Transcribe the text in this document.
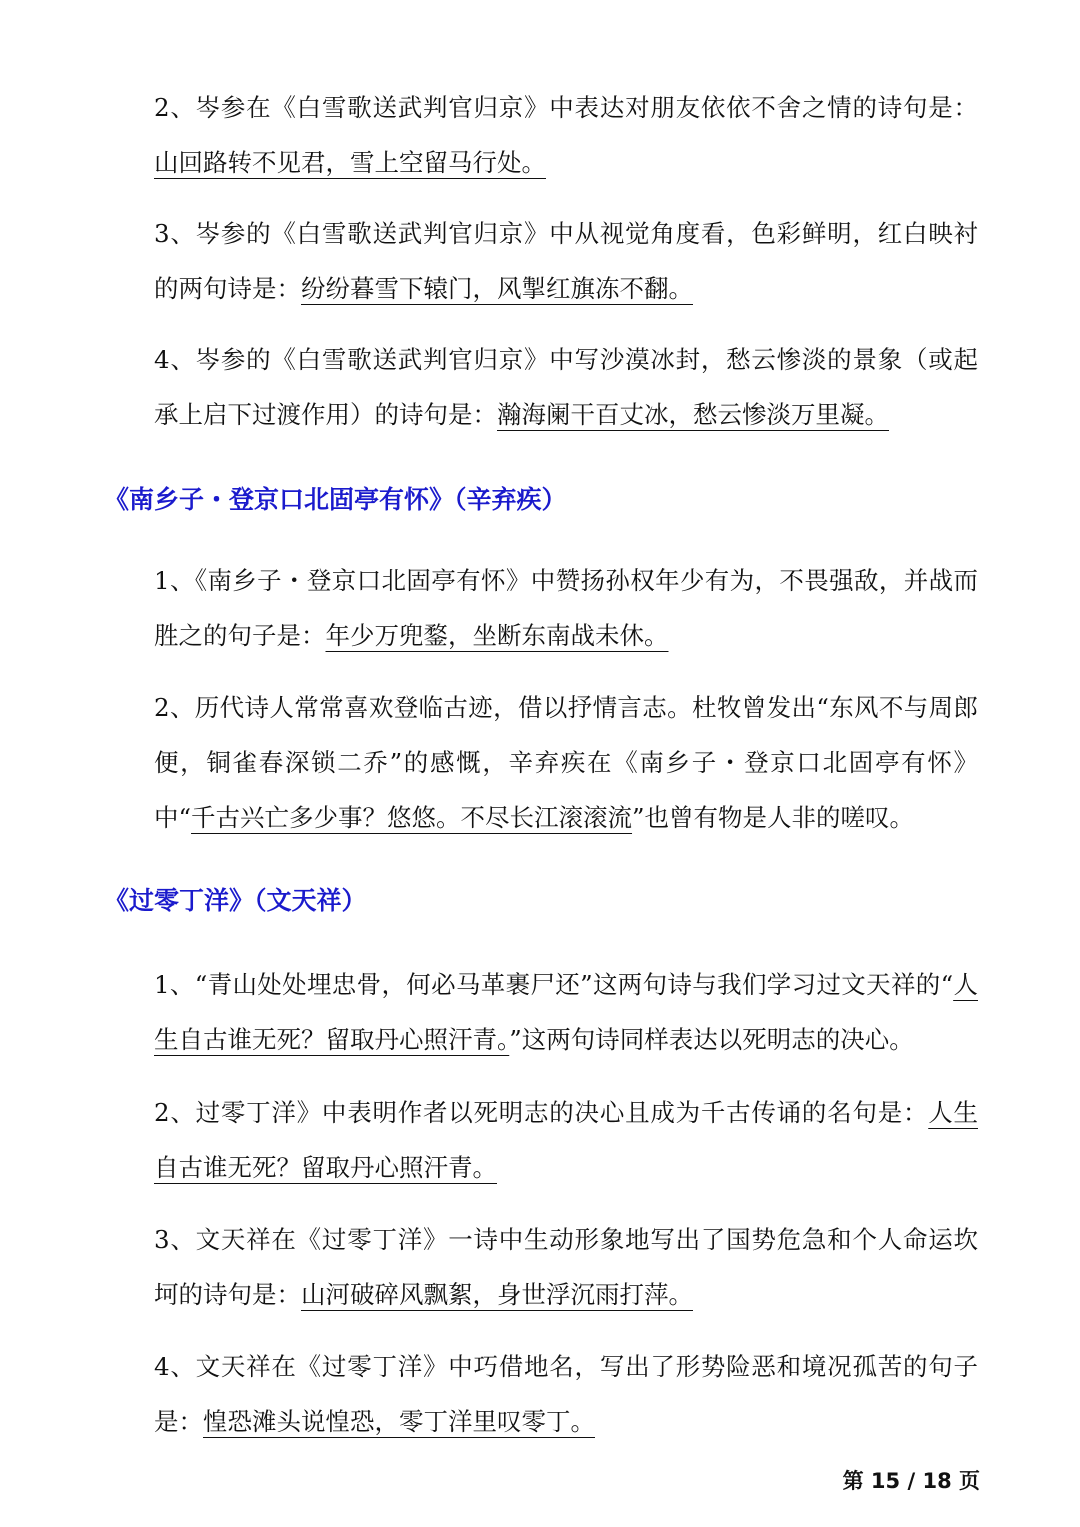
2、岑参在《白雪歌送武判官归京》中表达对朋友依依不舍之情的诗句是：山回路转不见君，雪上空留马行处。

3、岑参的《白雪歌送武判官归京》中从视觉角度看，色彩鲜明，红白映衬的两句诗是：纷纷暮雪下辕门，风掣红旗冻不翻。

4、岑参的《白雪歌送武判官归京》中写沙漠冰封，愁云惨淡的景象（或起承上启下过渡作用）的诗句是：瀚海阑干百丈冰，愁云惨淡万里凝。

《南乡子・登京口北固亭有怀》（辛弃疾）

1、《南乡子・登京口北固亭有怀》中赞扬孙权年少有为，不畏强敌，并战而胜之的句子是：年少万兜鍪，坐断东南战未休。

2、历代诗人常常喜欢登临古迹，借以抒情言志。杜牧曾发出“东风不与周郎便，铜雀春深锁二乔”的感慨，辛弃疾在《南乡子・登京口北固亭有怀》中“千古兴亡多少事？悠悠。不尽长江滚滚流”也曾有物是人非的嗟叹。

《过零丁洋》（文天祥）

1、“青山处处埋忠骨，何必马革裹尸还”这两句诗与我们学习过文天祥的“人生自古谁无死？留取丹心照汗青。”这两句诗同样表达以死明志的决心。

2、过零丁洋》中表明作者以死明志的决心且成为千古传诵的名句是：人生自古谁无死？留取丹心照汗青。

3、文天祥在《过零丁洋》一诗中生动形象地写出了国势危急和个人命运坎坷的诗句是：山河破碎风飘絮，身世浮沉雨打萍。

4、文天祥在《过零丁洋》中巧借地名，写出了形势险恶和境况孤苦的句子是：惶恐滩头说惶恐，零丁洋里叹零丁。

第 15 / 18 页
